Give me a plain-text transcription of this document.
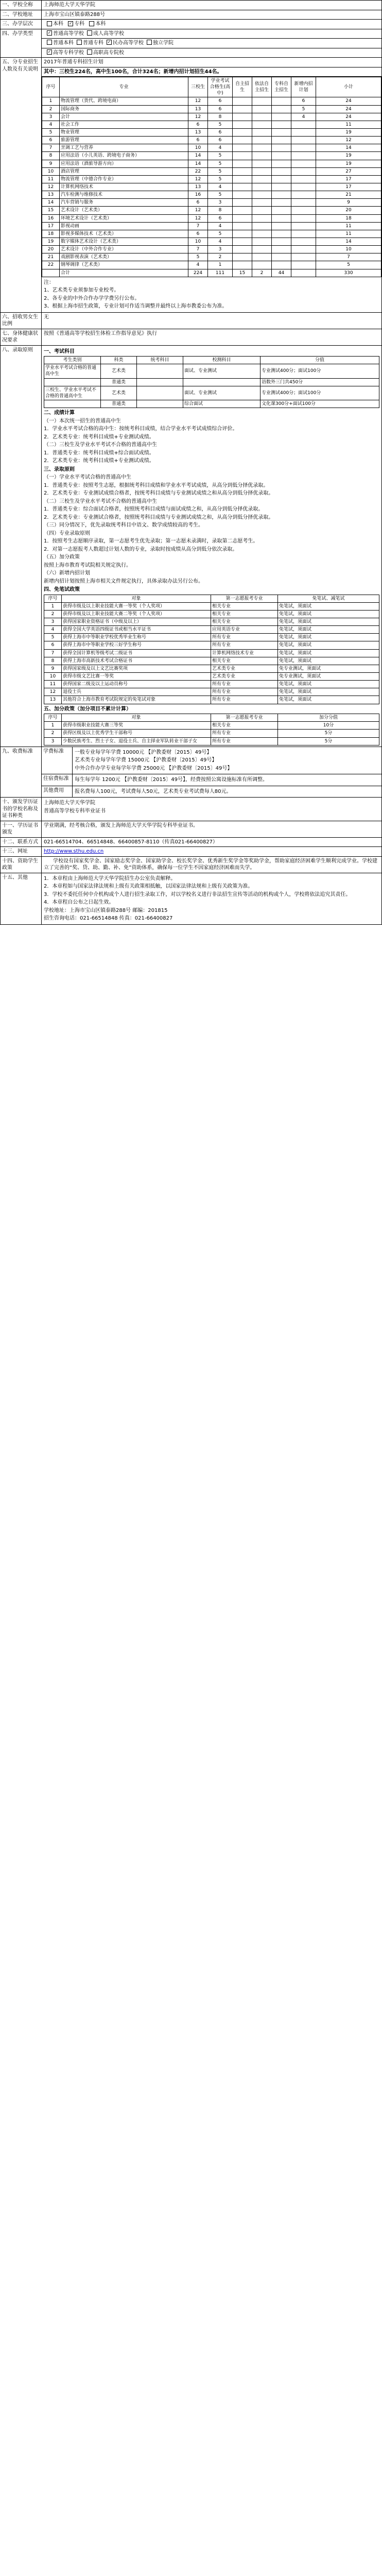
一、学校全称	上海师范大学天华学院
二、学校地址	上海市宝山区镇泰路288号
三、办学层次	本科 ✓ 专科 本科
四、办学类型	✓ 普通高等学校 成人高等学校
普通本科 普通专科 ✓ 民办高等学校 独立学院
✓ 高等专科学校 高职高专院校
五、分专业招生人数及有关说明
2017年普通专科招生计划
其中：三校生224名，高中生100名，合计324名；新增内招计划招生44名。
序号	专业	三校生	学业考试合格生(高中)	自主招生	依法自主招生	专科自主招生	新增内招计划	小计
1	物流管理（货代、跨境电商）	12	6				6	24
2	国际商务	13	6				5	24
3	会计	12	8				4	24
4	社会工作	6	5					11
5	物业管理	13	6					19
6	旅游管理	6	6					12
7	烹调工艺与营养	10	4					14
8	应用法语（小儿英语、跨境电子商务）	14	5					19
9	应用法语（酒旅导游方向）	14	5					19
10	酒店管理	22	5					27
11	物流管理（中德合作专业）	12	5					17
12	计算机网络技术	13	4					17
13	汽车检测与维修技术	16	5					21
14	汽车营销与服务	6	3					9
15	艺术设计（艺术类）	12	8					20
16	环境艺术设计（艺术类）	12	6					18
17	影视动画	7	4					11
18	影视多媒体技术（艺术类）	6	5					11
19	数字媒体艺术设计（艺术类）	10	4					14
20	艺术设计（中外合作专业）	7	3					10
21	戏剧影视表演（艺术类）	5	2					7
22	钢琴调律（艺术类）	4	1					5
	合计	224	111	15	2	44		330

注：

1、艺术类专业须参加专业校考。

2、各专业的中外合作办学学费另行公布。

3、根据上海市招生政策，专业计划可作适当调整并最终以上海市教委公布为准。

六、招收男女生比例
无
七、身体健康状况要求
按照《普通高等学校招生体检工作指导意见》执行
八、录取原则	一、考试科目
考生类别	科类	统考科目	校测科目	分值
学业水平考试合格的普通高中生	艺术类		面试、专业测试	专业测试400分；面试100分
	普通类			语数外三门共450分
三校生、学业水平考试不合格的普通高中生	艺术类		面试、专业测试	专业测试400分；面试100分
	普通类		综合面试	文化课300分+面试100分

二、成绩计算

（一）本次统一招生的普通高中生

1．学业水平考试合格的高中生：按统考科目成绩，结合学业水平考试成绩综合评价。

2．艺术类专业：统考科目成绩+专业测试成绩。

（二）三校生及学业水平考试不合格的普通高中生

1．普通类专业：统考科目成绩+综合面试成绩。

2．艺术类专业：统考科目成绩+专业测试成绩。

三、录取原则

（一）学业水平考试合格的普通高中生

1．普通类专业：按照考生志愿，根据统考科目成绩和学业水平考试成绩，从高分到低分择优录取。

2．艺术类专业：专业测试成绩合格者，按统考科目成绩与专业测试成绩之和从高分到低分择优录取。

（二）三校生及学业水平考试不合格的普通高中生

1．普通类专业：综合面试合格者，按照统考科目成绩与面试成绩之和，从高分到低分择优录取。

2．艺术类专业：专业测试合格者，按照统考科目成绩与专业测试成绩之和，从高分到低分择优录取。

（三）同分情况下，优先录取统考科目中语文、数学成绩较高的考生。

（四）专业录取原则

1．按照考生志愿顺序录取，第一志愿考生优先录取；第一志愿未录满时，录取第二志愿考生。

2．对第一志愿报考人数超过计划人数的专业，录取时按成绩从高分到低分依次录取。

（五）加分政策

按照上海市教育考试院相关规定执行。

（六）新增内招计划

新增内招计划按照上海市相关文件规定执行，具体录取办法另行公布。

四、免笔试政策
序号	对象	第一志愿报考专业	免笔试、减笔试
1	获得市级及以上职业技能大赛一等奖（个人奖项）	相关专业	免笔试，须面试
2	获得市级及以上职业技能大赛二等奖（个人奖项）	相关专业	免笔试，须面试
3	获得国家职业资格证书（中级及以上）	相关专业	免笔试，须面试
4	获得全国大学英语四级证书或相当水平证书	应用英语专业	免笔试，须面试
5	获得上海市中等职业学校优秀毕业生称号	所有专业	免笔试，须面试
6	获得上海市中等职业学校三好学生称号	所有专业	免笔试，须面试
7	获得全国计算机等级考试二级证书	计算机网络技术专业	免笔试，须面试
8	获得上海市高新技术考试合格证书	相关专业	免笔试，须面试
9	获得国家级及以上文艺比赛奖项	艺术类专业	免专业测试，须面试
10	获得市级文艺比赛一等奖	艺术类专业	免专业测试，须面试
11	获得国家二级及以上运动员称号	所有专业	免笔试，须面试
12	退役士兵	所有专业	免笔试，须面试
13	其他符合上海市教育考试院规定的免笔试对象	所有专业	免笔试，须面试
五、加分政策（加分项目不累计计算）
序号	对象	第一志愿报考专业	加分分值
1	获得市级职业技能大赛三等奖	相关专业	10分
2	获得区级及以上优秀学生干部称号	所有专业	5分
3	少数民族考生、烈士子女、退役士兵、自主择业军队转业干部子女	所有专业	5分
九、收费标准	学费标准	一般专业每学年学费 10000元 【沪教委财〔2015〕49号】

艺术类专业每学年学费 15000元 【沪教委财〔2015〕49号】

中外合作办学专业每学年学费 25000元 【沪教委财〔2015〕49号】

住宿费标准	每生每学年 1200元 【沪教委财〔2015〕49号】，经费按照公寓设施标准有所调整。

其他费用	报名费每人100元，考试费每人50元，艺术类专业考试费每人80元。

十、颁发学历证书的学校名称及证书种类

上海师范大学天华学院

普通高等学校专科毕业证书

十一、学历证书颁发
学业期满，经考核合格，颁发上海师范大学天华学院专科毕业证书。
十二、联系方式	021-66514704、66514848、66400857-8110（传真021-66400827）
十三、网址	http://www.sthu.edu.cn
十四、资助学生政策
学校设有国家奖学金、国家励志奖学金、国家助学金、校长奖学金、优秀新生奖学金等奖助学金，帮助家庭经济困难学生顺利完成学业。学校建立了完善的“奖、贷、助、勤、补、免”资助体系，确保每一位学生不因家庭经济困难而失学。
十五、其他	1．本章程由上海师范大学天华学院招生办公室负责解释。

2．本章程如与国家法律法规和上级有关政策相抵触，以国家法律法规和上级有关政策为准。

3．学校不委托任何中介机构或个人进行招生录取工作，对以学校名义进行非法招生宣传等活动的机构或个人，学校将依法追究其责任。

4．本章程自公布之日起生效。

学校地址：上海市宝山区镇泰路288号 邮编：201815

招生咨询电话：021-66514848 传真：021-66400827
